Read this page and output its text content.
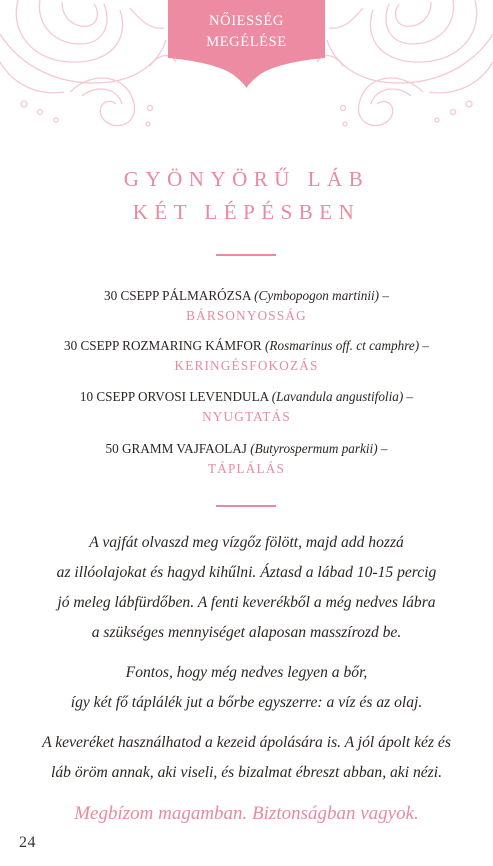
NŐIESSÉG
MEGÉLÉSE
GYÖNYÖRŰ LÁB
KÉT LÉPÉSBEN
30 CSEPP PÁLMARÓZSA (Cymbopogon martinii) –
BÁRSONYOSSÁG
30 CSEPP ROZMARING KÁMFOR (Rosmarinus off. ct camphre) –
KERINGÉSFOKOZÁS
10 CSEPP ORVOSI LEVENDULA (Lavandula angustifolia) –
NYUGTATÁS
50 GRAMM VAJFAOLAJ (Butyrospermum parkii) –
TÁPLÁLÁS
A vajfát olvaszd meg vízgőz fölött, majd add hozzá
az illóolajokat és hagyd kihűlni. Áztasd a lábad 10-15 percig
jó meleg lábfürdőben. A fenti keverékből a még nedves lábra
a szükséges mennyiséget alaposan masszírozd be.
Fontos, hogy még nedves legyen a bőr,
így két fő táplálék jut a bőrbe egyszerre: a víz és az olaj.
A keveréket használhatod a kezeid ápolására is. A jól ápolt kéz és
láb öröm annak, aki viseli, és bizalmat ébreszt abban, aki nézi.
Megbízom magamban. Biztonságban vagyok.
24
